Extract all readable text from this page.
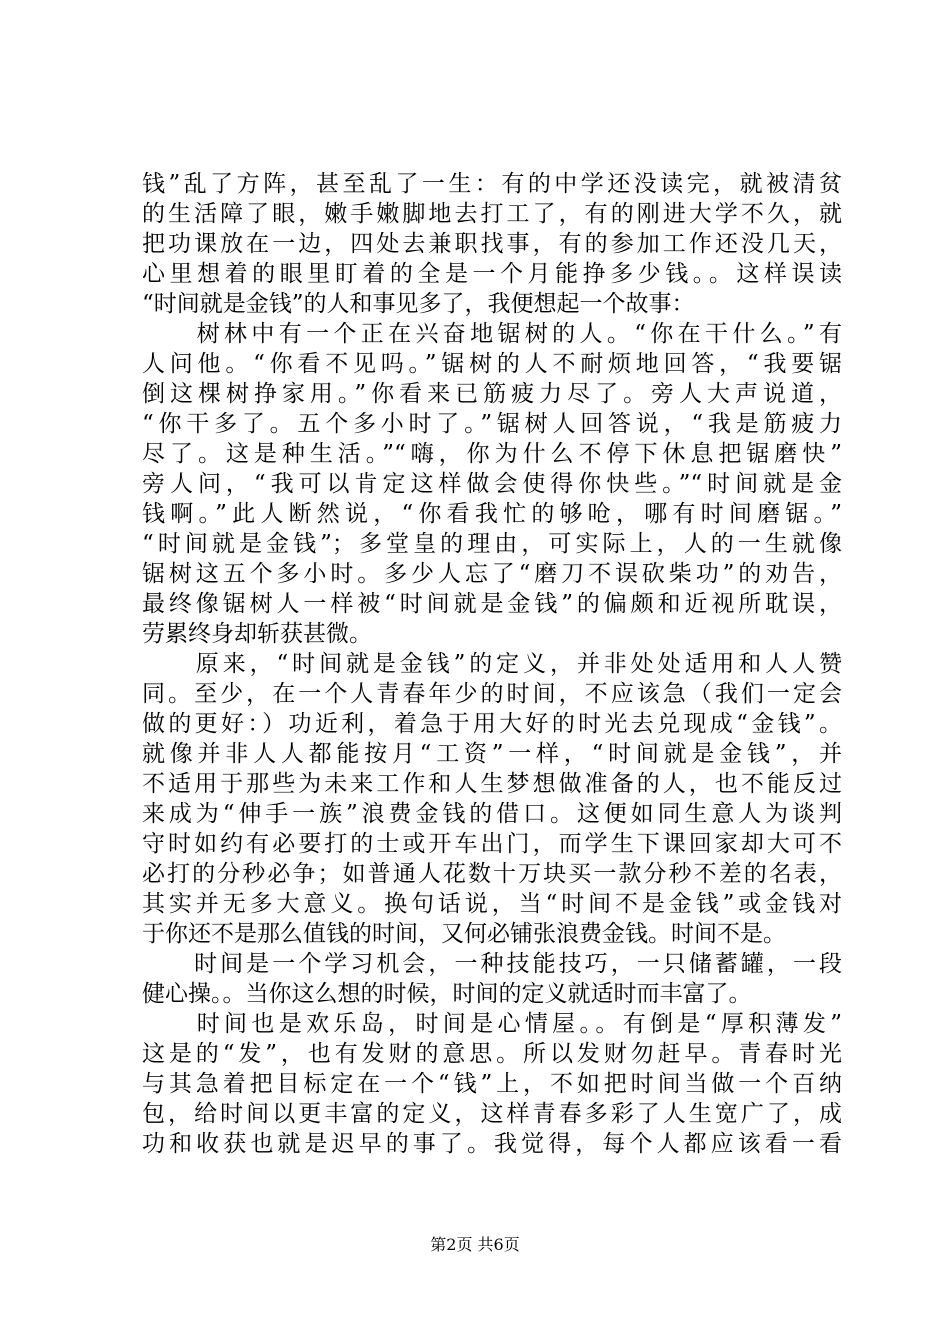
钱”乱了方阵，甚至乱了一生：有的中学还没读完，就被清贫
的生活障了眼，嫩手嫩脚地去打工了，有的刚进大学不久，就
把功课放在一边，四处去兼职找事，有的参加工作还没几天，
心里想着的眼里盯着的全是一个月能挣多少钱。。这样误读
“时间就是金钱”的人和事见多了，我便想起一个故事：
　　树林中有一个正在兴奋地锯树的人。“你在干什么。”有
人问他。“你看不见吗。”锯树的人不耐烦地回答，“我要锯
倒这棵树挣家用。”你看来已筋疲力尽了。旁人大声说道，
“你干多了。五个多小时了。”锯树人回答说，“我是筋疲力
尽了。这是种生活。”“嗨，你为什么不停下休息把锯磨快”
旁人问，“我可以肯定这样做会使得你快些。”“时间就是金
钱啊。”此人断然说，“你看我忙的够呛，哪有时间磨锯。”
“时间就是金钱”；多堂皇的理由，可实际上，人的一生就像
锯树这五个多小时。多少人忘了“磨刀不误砍柴功”的劝告，
最终像锯树人一样被“时间就是金钱”的偏颇和近视所耽误，
劳累终身却斩获甚微。
　　原来，“时间就是金钱”的定义，并非处处适用和人人赞
同。至少，在一个人青春年少的时间，不应该急（我们一定会
做的更好：）功近利，着急于用大好的时光去兑现成“金钱”。
就像并非人人都能按月“工资”一样，“时间就是金钱”，并
不适用于那些为未来工作和人生梦想做准备的人，也不能反过
来成为“伸手一族”浪费金钱的借口。这便如同生意人为谈判
守时如约有必要打的士或开车出门，而学生下课回家却大可不
必打的分秒必争；如普通人花数十万块买一款分秒不差的名表，
其实并无多大意义。换句话说，当“时间不是金钱”或金钱对
于你还不是那么值钱的时间，又何必铺张浪费金钱。时间不是。
　　时间是一个学习机会，一种技能技巧，一只储蓄罐，一段
健心操。。当你这么想的时候，时间的定义就适时而丰富了。
　　时间也是欢乐岛，时间是心情屋。。有倒是“厚积薄发”
这是的“发”，也有发财的意思。所以发财勿赶早。青春时光
与其急着把目标定在一个“钱”上，不如把时间当做一个百纳
包，给时间以更丰富的定义，这样青春多彩了人生宽广了，成
功和收获也就是迟早的事了。我觉得，每个人都应该看一看
第2页 共6页
